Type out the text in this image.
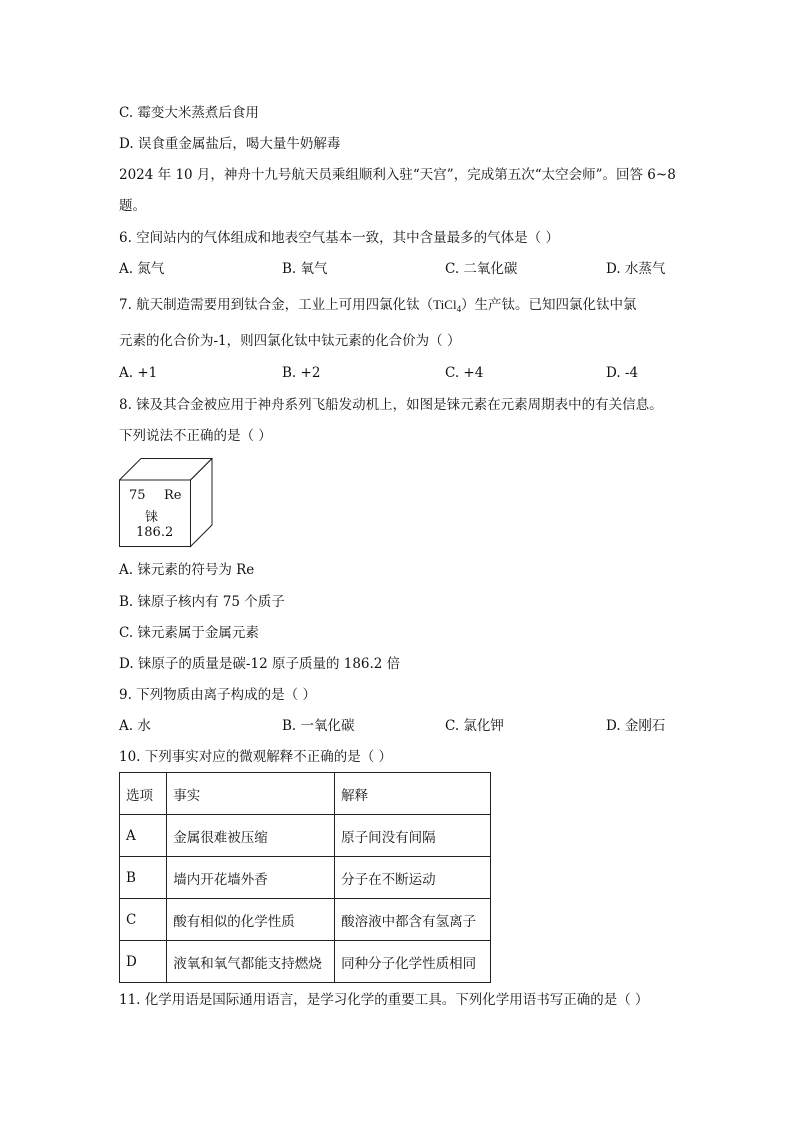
C. 霉变大米蒸煮后食用
D. 误食重金属盐后，喝大量牛奶解毒
2024 年 10 月，神舟十九号航天员乘组顺利入驻“天宫”，完成第五次“太空会师”。回答 6~8
题。
6. 空间站内的气体组成和地表空气基本一致，其中含量最多的气体是（ ）
A. 氮气	B. 氧气	C. 二氧化碳	D. 水蒸气
7. 航天制造需要用到钛合金，工业上可用四氯化钛（TiCl$_4$）生产钛。已知四氯化钛中氯
元素的化合价为-1，则四氯化钛中钛元素的化合价为（ ）
A. +1	B. +2	C. +4	D. -4
8. 铼及其合金被应用于神舟系列飞船发动机上，如图是铼元素在元素周期表中的有关信息。
下列说法不正确的是（ ）
75 Re
铼
186.2
A. 铼元素的符号为 Re
B. 铼原子核内有 75 个质子
C. 铼元素属于金属元素
D. 铼原子的质量是碳-12 原子质量的 186.2 倍
9. 下列物质由离子构成的是（ ）
A. 水	B. 一氧化碳	C. 氯化钾	D. 金刚石
10. 下列事实对应的微观解释不正确的是（ ）
选项	事实	解释
A	金属很难被压缩	原子间没有间隔
B	墙内开花墙外香	分子在不断运动
C	酸有相似的化学性质	酸溶液中都含有氢离子
D	液氧和氧气都能支持燃烧	同种分子化学性质相同
11. 化学用语是国际通用语言，是学习化学的重要工具。下列化学用语书写正确的是（ ）
